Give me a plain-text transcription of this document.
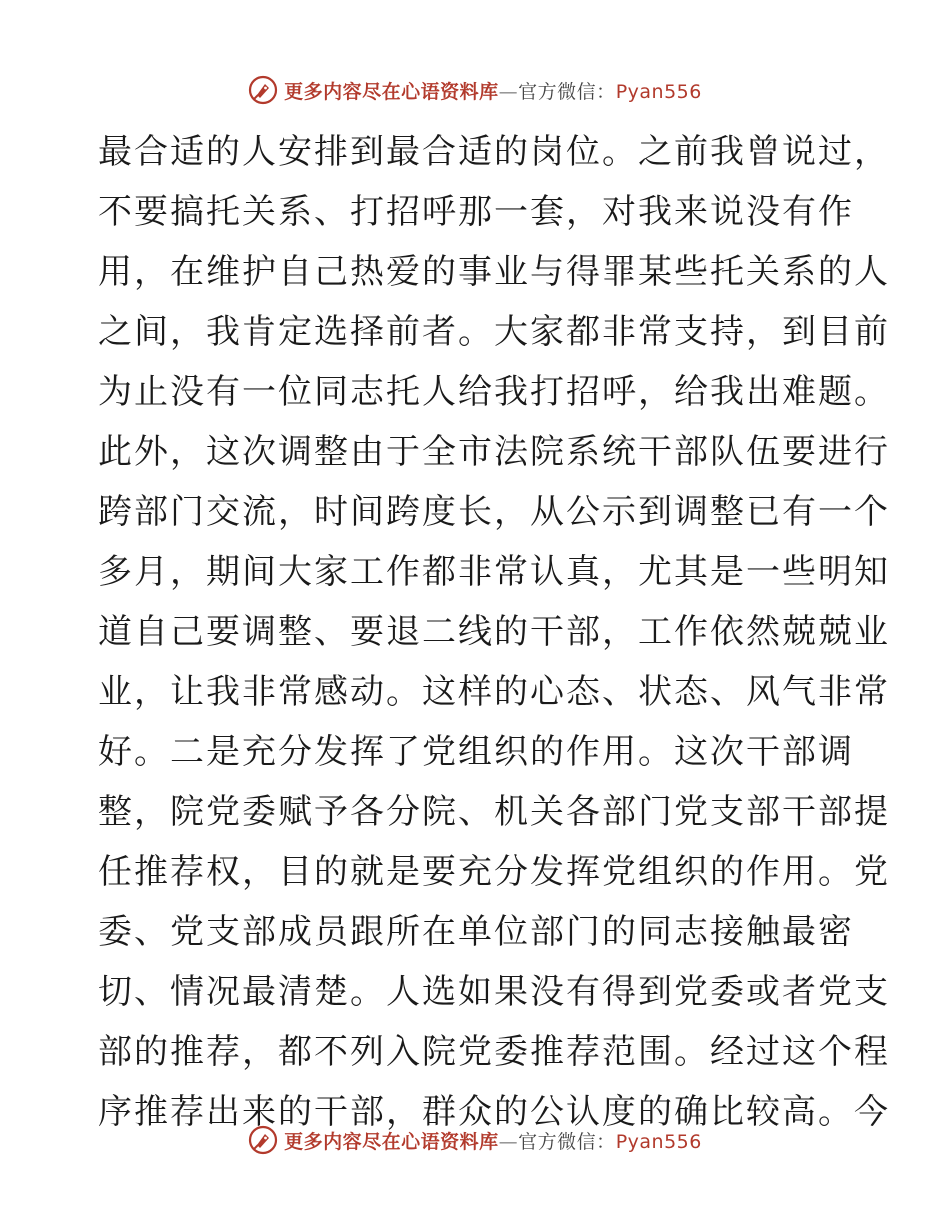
更多内容尽在心语资料库—官方微信：Pyan556
最合适的人安排到最合适的岗位。之前我曾说过，
不要搞托关系、打招呼那一套，对我来说没有作
用，在维护自己热爱的事业与得罪某些托关系的人
之间，我肯定选择前者。大家都非常支持，到目前
为止没有一位同志托人给我打招呼，给我出难题。
此外，这次调整由于全市法院系统干部队伍要进行
跨部门交流，时间跨度长，从公示到调整已有一个
多月，期间大家工作都非常认真，尤其是一些明知
道自己要调整、要退二线的干部，工作依然兢兢业
业，让我非常感动。这样的心态、状态、风气非常
好。二是充分发挥了党组织的作用。这次干部调
整，院党委赋予各分院、机关各部门党支部干部提
任推荐权，目的就是要充分发挥党组织的作用。党
委、党支部成员跟所在单位部门的同志接触最密
切、情况最清楚。人选如果没有得到党委或者党支
部的推荐，都不列入院党委推荐范围。经过这个程
序推荐出来的干部，群众的公认度的确比较高。今
更多内容尽在心语资料库—官方微信：Pyan556
